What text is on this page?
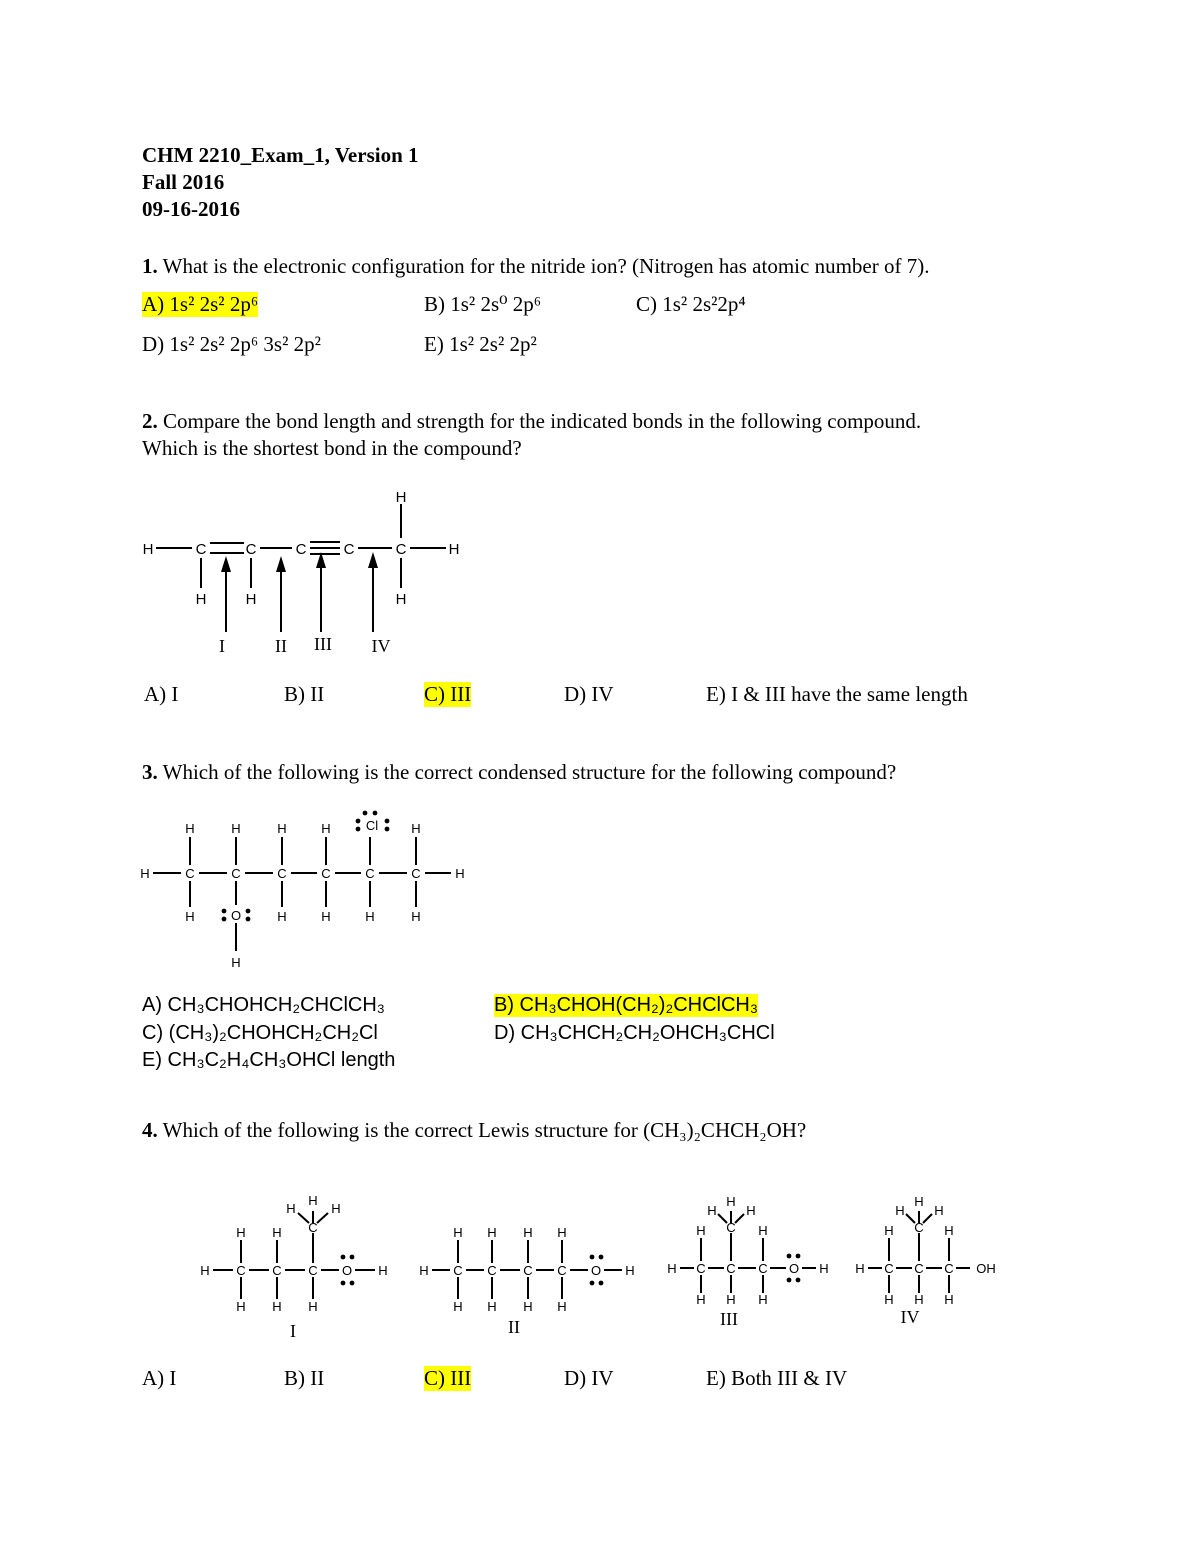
CHM 2210_Exam_1, Version 1
Fall 2016
09-16-2016
1. What is the electronic configuration for the nitride ion? (Nitrogen has atomic number of 7).
A) 1s² 2s² 2p⁶	B) 1s² 2s⁰ 2p⁶	C) 1s² 2s²2p⁴
D) 1s² 2s² 2p⁶ 3s² 2p²	E) 1s² 2s² 2p²
2. Compare the bond length and strength for the indicated bonds in the following compound.
Which is the shortest bond in the compound?
H	C	C	C C	C	H
H
H	H	H
I	II III IV
A) I	B) II	C) III	D) IV	E) I & III have the same length
3. Which of the following is the correct condensed structure for the following compound?
H	C	C	C	C	C	C	H
H	H	H	H	Cl	H
H	O	H	H	H	H
H
A) CH₃CHOHCH₂CHClCH₃	B) CH₃CHOH(CH₂)₂CHClCH₃
C) (CH₃)₂CHOHCH₂CH₂Cl	D) CH₃CHCH₂CH₂OHCH₃CHCl
E) CH₃C₂H₄CH₃OHCl length
4. Which of the following is the correct Lewis structure for (CH₃)₂CHCH₂OH?
H C C C O H
H H C
H
H	H
H H H
I
H C C C C O H
H H H H
H H H H
II
H C C C O H
H C H
H
H H
H H H
III
H C C C OH
H C H
H
H H
H H H
IV
A) I	B) II	C) III	D) IV	E) Both III & IV
